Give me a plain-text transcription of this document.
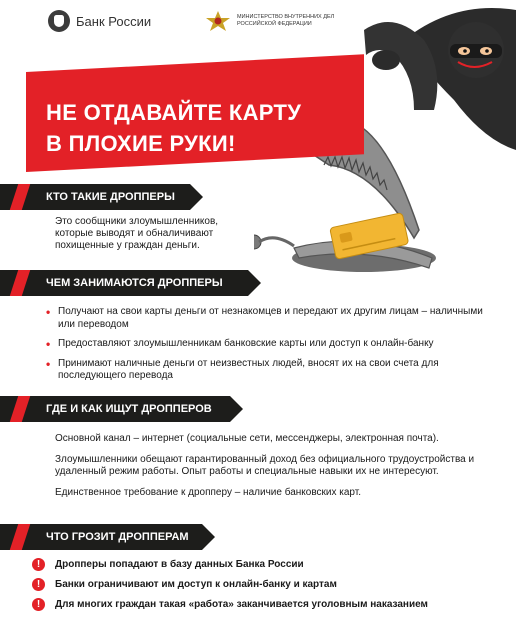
Банк России	МИНИСТЕРСТВО ВНУТРЕННИХ ДЕЛ РОССИЙСКОЙ ФЕДЕРАЦИИ
НЕ ОТДАВАЙТЕ КАРТУ
В ПЛОХИЕ РУКИ!
КТО ТАКИЕ ДРОППЕРЫ
Это сообщники злоумышленников,
которые выводят и обналичивают
похищенные у граждан деньги.
ЧЕМ ЗАНИМАЮТСЯ ДРОППЕРЫ
• Получают на свои карты деньги от незнакомцев и передают их другим лицам – наличными или переводом
• Предоставляют злоумышленникам банковские карты или доступ к онлайн-банку
• Принимают наличные деньги от неизвестных людей, вносят их на свои счета для последующего перевода
ГДЕ И КАК ИЩУТ ДРОППЕРОВ

Основной канал – интернет (социальные сети, мессенджеры, электронная почта).

Злоумышленники обещают гарантированный доход без официального трудоустройства и удаленный режим работы. Опыт работы и специальные навыки их не интересуют.

Единственное требование к дропперу – наличие банковских карт.

ЧТО ГРОЗИТ ДРОППЕРАМ
!	Дропперы попадают в базу данных Банка России
!	Банки ограничивают им доступ к онлайн-банку и картам
!	Для многих граждан такая «работа» заканчивается уголовным наказанием
